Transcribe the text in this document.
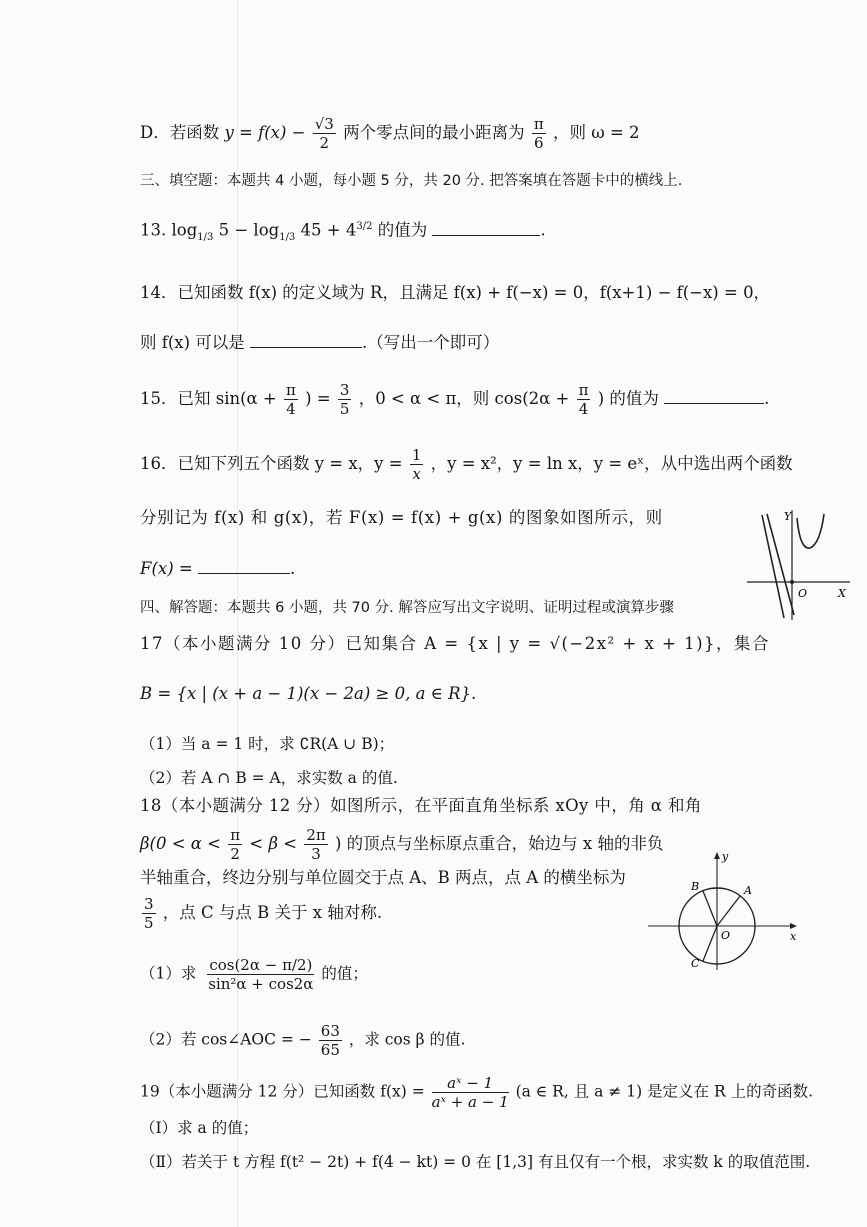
D．若函数 $y = f(x) - \frac{√3}{2}$ 两个零点间的最小距离为 $\frac{\pi}{6}$ ，则 ω = 2
三、填空题：本题共 4 小题，每小题 5 分，共 20 分. 把答案填在答题卡中的横线上.
13. $\log_{1/3} 5 - \log_{1/3} 45 + 4^{3/2}$ 的值为	.
14．已知函数 f(x) 的定义域为 R，且满足 f(x) + f(−x) = 0，f(x+1) − f(−x) = 0，
则 f(x) 可以是	.（写出一个即可）
15．已知 $\sin(\alpha + \frac{\pi}{4}$ ) = $\frac{3}{5}$ ，0 < α < π，则 $\cos(2\alpha + \frac{\pi}{4}$ ) 的值为	.
16．已知下列五个函数 y = x，$y = \frac{1}{x}$ ，y = x²，y = ln x，y = eˣ，从中选出两个函数
分别记为 f(x) 和 g(x)，若 F(x) = f(x) + g(x) 的图象如图所示，则
F(x) =	.
Y
O	X
四、解答题：本题共 6 小题，共 70 分. 解答应写出文字说明、证明过程或演算步骤
17（本小题满分 10 分）已知集合 A = {x | y = √(−2x² + x + 1)}，集合
B = {x | (x + a − 1)(x − 2a) ≥ 0, a ∈ R}.
（1）当 a = 1 时，求 ∁R(A ∪ B)；
（2）若 A ∩ B = A，求实数 a 的值.
18（本小题满分 12 分）如图所示，在平面直角坐标系 xOy 中，角 α 和角
$\beta(0 < \alpha < \frac{\pi}{2} < \beta < \frac{2\pi}{3}$ ) 的顶点与坐标原点重合，始边与 x 轴的非负
半轴重合，终边分别与单位圆交于点 A、B 两点，点 A 的横坐标为
$\frac{3}{5}$ ，点 C 与点 B 关于 x 轴对称.
（1）求 $\frac{\cos(2\alpha - \pi/2)}{\text{sin²α + cos2α}}$ 的值；
（2）若 cos∠AOC = − $\frac{63}{65}$ ，求 cos β 的值.
y
x
O
A
B
C
19（本小题满分 12 分）已知函数 $f(x) = \frac{\text{aˣ − 1}}{\text{aˣ + a − 1}} (a$ ∈ R, 且 a ≠ 1) 是定义在 R 上的奇函数.
（Ⅰ）求 a 的值；
（Ⅱ）若关于 t 方程 f(t² − 2t) + f(4 − kt) = 0 在 [1,3] 有且仅有一个根，求实数 k 的取值范围.
